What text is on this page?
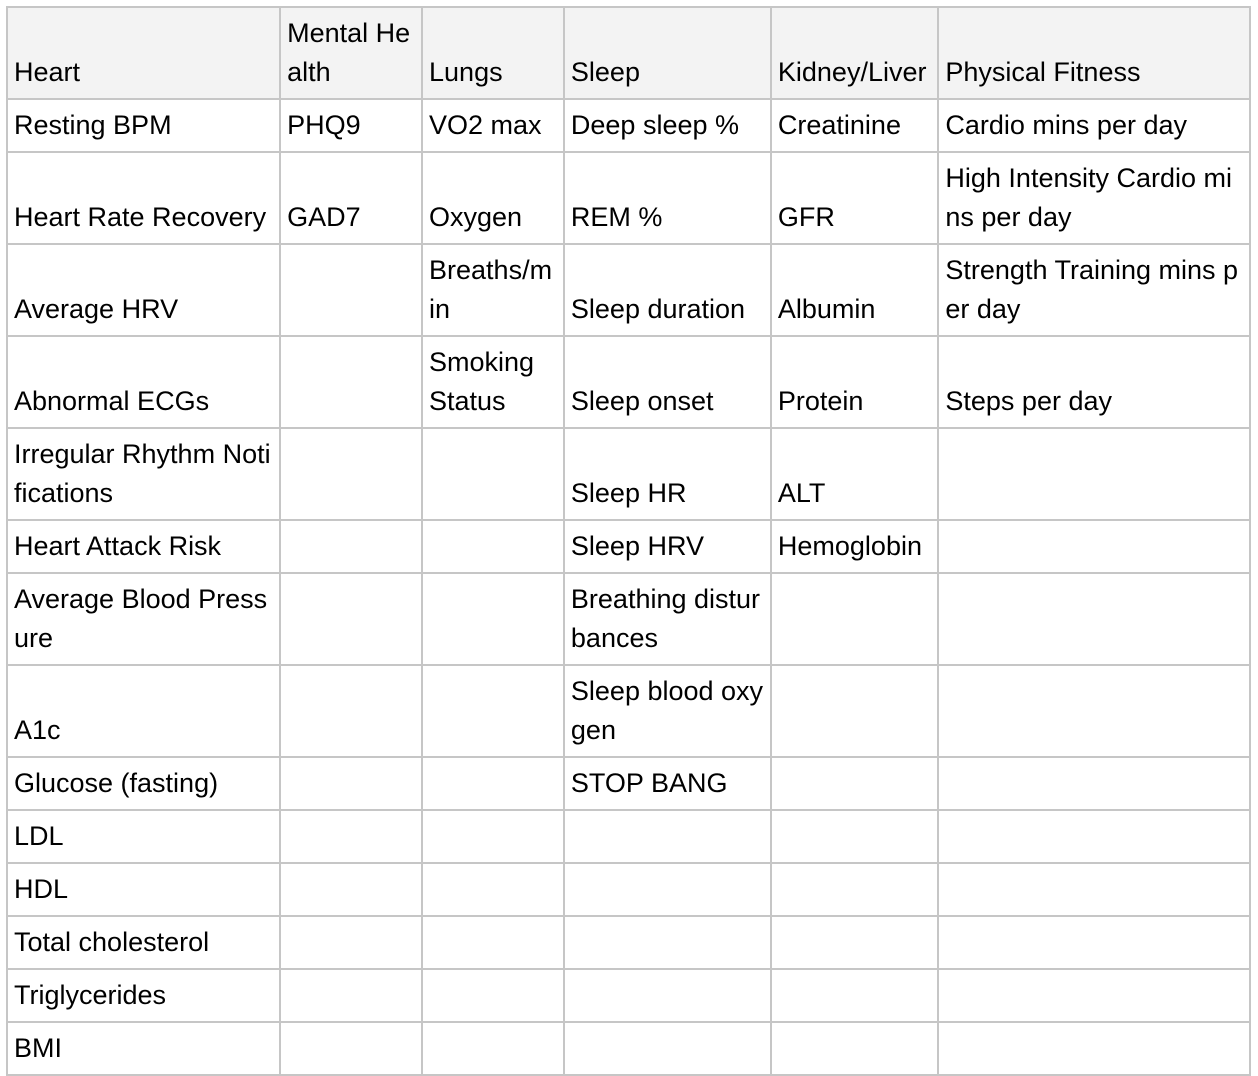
Heart	Mental Health	Lungs	Sleep	Kidney/Liver	Physical Fitness
Resting BPM	PHQ9	VO2 max	Deep sleep %	Creatinine	Cardio mins per day
Heart Rate Recovery	GAD7	Oxygen	REM %	GFR	High Intensity Cardio mins per day
Average HRV		Breaths/min	Sleep duration	Albumin	Strength Training mins per day
Abnormal ECGs		Smoking Status	Sleep onset	Protein	Steps per day
Irregular Rhythm Notifications			Sleep HR	ALT	
Heart Attack Risk			Sleep HRV	Hemoglobin	
Average Blood Pressure			Breathing disturbances		
A1c			Sleep blood oxygen		
Glucose (fasting)			STOP BANG		
LDL					
HDL					
Total cholesterol					
Triglycerides					
BMI					
